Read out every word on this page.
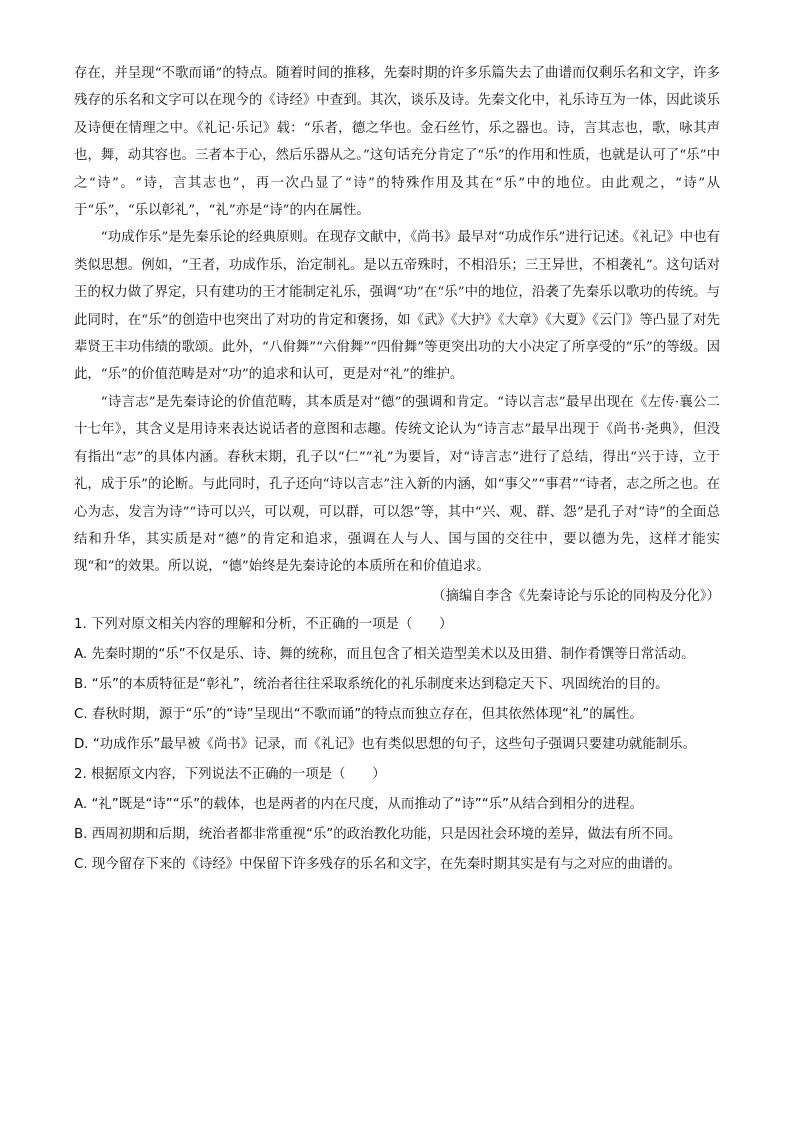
存在，并呈现“不歌而诵”的特点。随着时间的推移，先秦时期的许多乐篇失去了曲谱而仅剩乐名和文字，许多残存的乐名和文字可以在现今的《诗经》中查到。其次，谈乐及诗。先秦文化中，礼乐诗互为一体，因此谈乐及诗便在情理之中。《礼记·乐记》载：“乐者，德之华也。金石丝竹，乐之器也。诗，言其志也，歌，咏其声也，舞，动其容也。三者本于心，然后乐器从之。”这句话充分肯定了“乐”的作用和性质，也就是认可了“乐”中之“诗”。“诗，言其志也”，再一次凸显了“诗”的特殊作用及其在“乐”中的地位。由此观之，“诗”从于“乐”，“乐以彰礼”，“礼”亦是“诗”的内在属性。

“功成作乐”是先秦乐论的经典原则。在现存文献中，《尚书》最早对“功成作乐”进行记述。《礼记》中也有类似思想。例如，“王者，功成作乐，治定制礼。是以五帝殊时，不相沿乐；三王异世，不相袭礼”。这句话对王的权力做了界定，只有建功的王才能制定礼乐，强调“功”在“乐”中的地位，沿袭了先秦乐以歌功的传统。与此同时，在“乐”的创造中也突出了对功的肯定和褒扬，如《武》《大护》《大章》《大夏》《云门》等凸显了对先辈贤王丰功伟绩的歌颂。此外，“八佾舞”“六佾舞”“四佾舞”等更突出功的大小决定了所享受的“乐”的等级。因此，“乐”的价值范畴是对“功”的追求和认可，更是对“礼”的维护。

“诗言志”是先秦诗论的价值范畴，其本质是对“德”的强调和肯定。“诗以言志”最早出现在《左传·襄公二十七年》，其含义是用诗来表达说话者的意图和志趣。传统文论认为“诗言志”最早出现于《尚书·尧典》，但没有指出“志”的具体内涵。春秋末期，孔子以“仁”“礼”为要旨，对“诗言志”进行了总结，得出“兴于诗，立于礼，成于乐”的论断。与此同时，孔子还向“诗以言志”注入新的内涵，如“事父”“事君”“诗者，志之所之也。在心为志，发言为诗”“诗可以兴，可以观，可以群，可以怨”等，其中“兴、观、群、怨”是孔子对“诗”的全面总结和升华，其实质是对“德”的肯定和追求，强调在人与人、国与国的交往中，要以德为先，这样才能实现“和”的效果。所以说，“德”始终是先秦诗论的本质所在和价值追求。

（摘编自李含《先秦诗论与乐论的同构及分化》）

1. 下列对原文相关内容的理解和分析，不正确的一项是（　　）

A. 先秦时期的“乐”不仅是乐、诗、舞的统称，而且包含了相关造型美术以及田猎、制作肴馔等日常活动。

B. “乐”的本质特征是“彰礼”，统治者往往采取系统化的礼乐制度来达到稳定天下、巩固统治的目的。

C. 春秋时期，源于“乐”的“诗”呈现出“不歌而诵”的特点而独立存在，但其依然体现“礼”的属性。

D. “功成作乐”最早被《尚书》记录，而《礼记》也有类似思想的句子，这些句子强调只要建功就能制乐。

2. 根据原文内容，下列说法不正确的一项是（　　）

A. “礼”既是“诗”“乐”的载体，也是两者的内在尺度，从而推动了“诗”“乐”从结合到相分的进程。

B. 西周初期和后期，统治者都非常重视“乐”的政治教化功能，只是因社会环境的差异，做法有所不同。

C. 现今留存下来的《诗经》中保留下许多残存的乐名和文字，在先秦时期其实是有与之对应的曲谱的。
